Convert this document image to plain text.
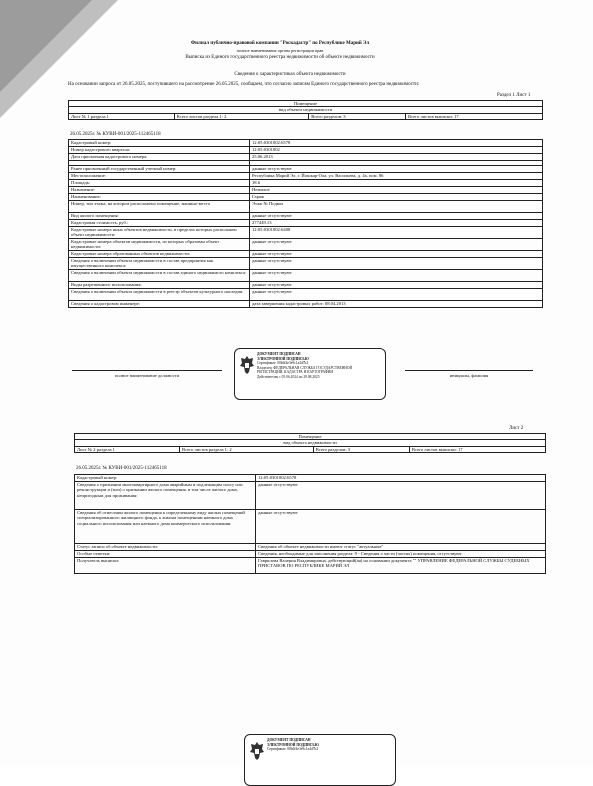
Филиал публично-правовой компании "Роскадастр" по Республике Марий Эл
полное наименование органа регистрации прав
Выписка из Единого государственного реестра недвижимости об объекте недвижимости
Сведения о характеристиках объекта недвижимости
На основании запроса от 26.05.2025, поступившего на рассмотрение 26.05.2025, сообщаем, что согласно записям Единого государственного реестра недвижимости:
Раздел 1 Лист 1
Помещение
вид объекта недвижимости
Лист № 1 раздела 1	Всего листов раздела 1: 2	Всего разделов: 3	Всего листов выписки: 17
26.05.2025г. № КУВИ-001/2025-112465118
Кадастровый номер:	12:05:0301002:6578
Номер кадастрового квартала:	12:05:0301002
Дата присвоения кадастрового номера:	25.06.2013

Ранее присвоенный государственный учетный номер:	данные отсутствуют
Местоположение:	Республика Марий Эл, г. Йошкар-Ола, ул. Васильева, д. 4а, пом. 86
Площадь:	18.6
Назначение:	Нежилое
Наименование:	Гараж
Номер, тип этажа, на котором расположено помещение, машино-место	Этаж № Подвал
Вид жилого помещения:	данные отсутствуют
Кадастровая стоимость, руб.:	277449.13
Кадастровые номера иных объектов недвижимости, в пределах которых расположен объект недвижимости:	12:05:0301002:6408
Кадастровые номера объектов недвижимости, из которых образован объект недвижимости:	данные отсутствуют
Кадастровые номера образованных объектов недвижимости:	данные отсутствуют
Сведения о включении объекта недвижимости в состав предприятия как имущественного комплекса:	данные отсутствуют
Сведения о включении объекта недвижимости в состав единого недвижимого комплекса:	данные отсутствуют
Виды разрешенного использования:	данные отсутствуют
Сведения о включении объекта недвижимости в реестр объектов культурного наследия:	данные отсутствуют
Сведения о кадастровом инженере:	дата завершения кадастровых работ: 08.04.2013
полное наименование должности	инициалы, фамилия
ДОКУМЕНТ ПОДПИСАН
ЭЛЕКТРОННОЙ ПОДПИСЬЮ
Сертификат: 00b6f4e3e9c1a4d7b2
Владелец: ФЕДЕРАЛЬНАЯ СЛУЖБА ГОСУДАРСТВЕННОЙ
РЕГИСТРАЦИИ, КАДАСТРА И КАРТОГРАФИИ
Действителен с 05.06.2024 по 29.08.2025
Лист 2
Помещение
вид объекта недвижимости
Лист № 2 раздела 1	Всего листов раздела 1: 2	Всего разделов: 3	Всего листов выписки: 17
26.05.2025г. № КУВИ-001/2025-112465118
Кадастровый номер:	12:05:0301002:6578
Сведения о признании многоквартирного дома аварийным и подлежащим сносу или реконструкции и (или) о признании жилого помещения, в том числе жилого дома, непригодным для проживания:	данные отсутствуют
Сведения об отнесении жилого помещения к определенному виду жилых помещений специализированного жилищного фонда, к жилым помещениям наемного дома социального использования или наемного дома коммерческого использования:	данные отсутствуют
Статус записи об объекте недвижимости:	Сведения об объекте недвижимости имеют статус "актуальные"
Особые отметки:	Сведения, необходимые для заполнения раздела: 9 - Сведения о части (частях) помещения, отсутствуют.
Получатель выписки:	Гаврилова Валерия Владимировна, действующий(ая) на основании документа "" УПРАВЛЕНИЕ ФЕДЕРАЛЬНОЙ СЛУЖБЫ СУДЕБНЫХ ПРИСТАВОВ ПО РЕСПУБЛИКЕ МАРИЙ ЭЛ
ДОКУМЕНТ ПОДПИСАН
ЭЛЕКТРОННОЙ ПОДПИСЬЮ
Сертификат: 00b6f4e3e9c1a4d7b2
